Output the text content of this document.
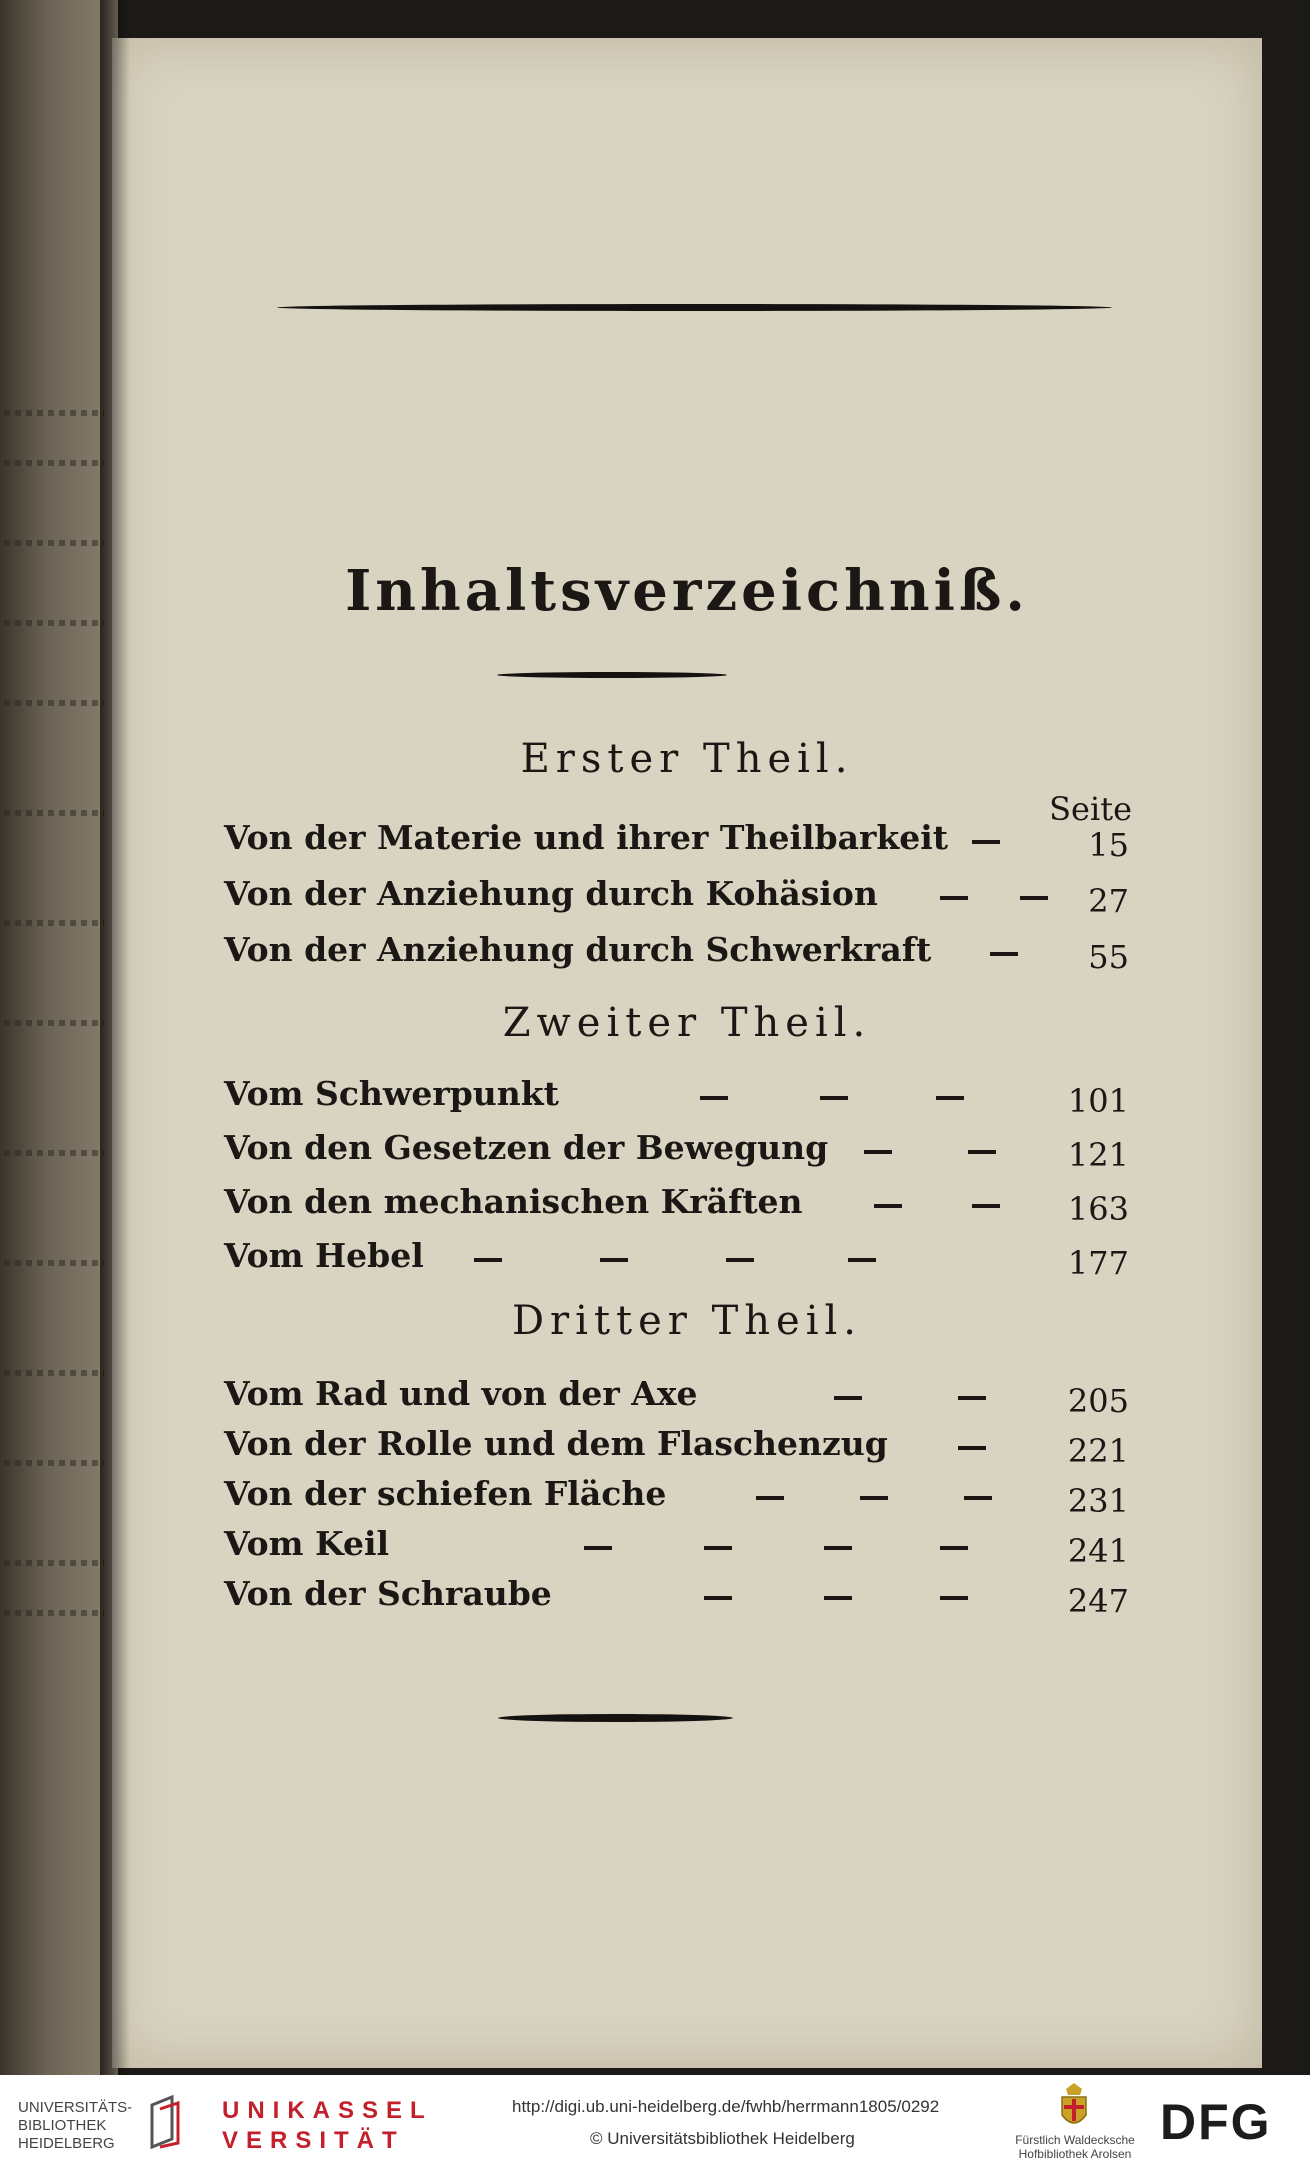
Inhaltsverzeichniß.
Erster Theil.
Seite
Von der Materie und ihrer Theilbarkeit	15
Von der Anziehung durch Kohäsion	27
Von der Anziehung durch Schwerkraft	55
Zweiter Theil.
Vom Schwerpunkt	101
Von den Gesetzen der Bewegung	121
Von den mechanischen Kräften	163
Vom Hebel	177
Dritter Theil.
Vom Rad und von der Axe	205
Von der Rolle und dem Flaschenzug	221
Von der schiefen Fläche	231
Vom Keil	241
Von der Schraube	247
UNIVERSITÄTS-
BIBLIOTHEK
HEIDELBERG
UNIKASSEL
VERSITÄT
http://digi.ub.uni-heidelberg.de/fwhb/herrmann1805/0292
© Universitätsbibliothek Heidelberg	Fürstlich Waldecksche
Hofbibliothek Arolsen
DFG
